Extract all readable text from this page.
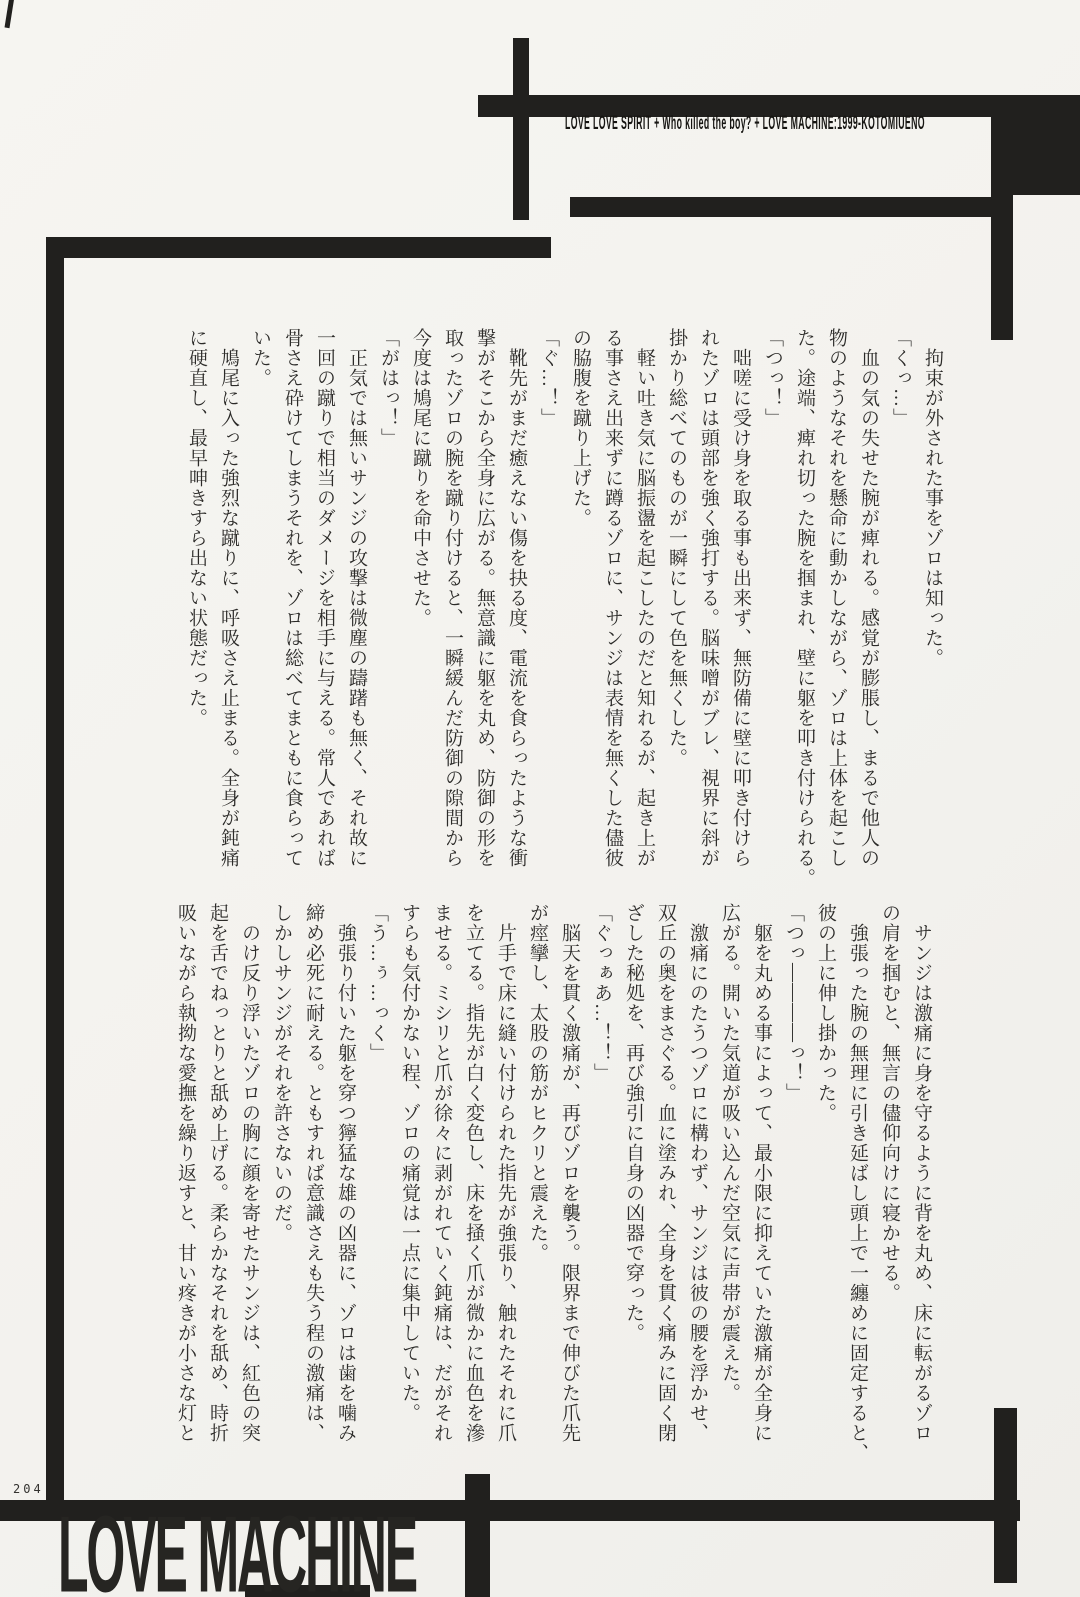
LOVE LOVE SPIRIT + Who killed the boy? + LOVE MACHINE:1999-KOTOMIUENO
　拘束が外された事をゾロは知った。
「くっ…」
　血の気の失せた腕が痺れる。感覚が膨脹し、まるで他人の
物のようなそれを懸命に動かしながら、ゾロは上体を起こし
た。途端、痺れ切った腕を掴まれ、壁に躯を叩き付けられる。
「つっ！」
　咄嗟に受け身を取る事も出来ず、無防備に壁に叩き付けら
れたゾロは頭部を強く強打する。脳味噌がブレ、視界に斜が
掛かり総べてのものが一瞬にして色を無くした。
　軽い吐き気に脳振盪を起こしたのだと知れるが、起き上が
る事さえ出来ずに蹲るゾロに、サンジは表情を無くした儘彼
の脇腹を蹴り上げた。
「ぐ…！」
　靴先がまだ癒えない傷を抉る度、電流を食らったような衝
撃がそこから全身に広がる。無意識に躯を丸め、防御の形を
取ったゾロの腕を蹴り付けると、一瞬緩んだ防御の隙間から
今度は鳩尾に蹴りを命中させた。
「がはっ！」
　正気では無いサンジの攻撃は微塵の躊躇も無く、それ故に
一回の蹴りで相当のダメージを相手に与える。常人であれば
骨さえ砕けてしまうそれを、ゾロは総べてまともに食らって
いた。
　鳩尾に入った強烈な蹴りに、呼吸さえ止まる。全身が鈍痛
に硬直し、最早呻きすら出ない状態だった。
　サンジは激痛に身を守るように背を丸め、床に転がるゾロ
の肩を掴むと、無言の儘仰向けに寝かせる。
　強張った腕の無理に引き延ばし頭上で一纏めに固定すると、
彼の上に伸し掛かった。
「つっ――――っ！」
　躯を丸める事によって、最小限に抑えていた激痛が全身に
広がる。開いた気道が吸い込んだ空気に声帯が震えた。
　激痛にのたうつゾロに構わず、サンジは彼の腰を浮かせ、
双丘の奥をまさぐる。血に塗みれ、全身を貫く痛みに固く閉
ざした秘処を、再び強引に自身の凶器で穿った。
「ぐっぁあ…！！」
　脳天を貫く激痛が、再びゾロを襲う。限界まで伸びた爪先
が痙攣し、太股の筋がヒクリと震えた。
　片手で床に縫い付けられた指先が強張り、触れたそれに爪
を立てる。指先が白く変色し、床を掻く爪が微かに血色を滲
ませる。ミシリと爪が徐々に剥がれていく鈍痛は、だがそれ
すらも気付かない程、ゾロの痛覚は一点に集中していた。
「う…ぅ…っく」
　強張り付いた躯を穿つ獰猛な雄の凶器に、ゾロは歯を噛み
締め必死に耐える。ともすれば意識さえも失う程の激痛は、
しかしサンジがそれを許さないのだ。
　のけ反り浮いたゾロの胸に顔を寄せたサンジは、紅色の突
起を舌でねっとりと舐め上げる。柔らかなそれを舐め、時折
吸いながら執拗な愛撫を繰り返すと、甘い疼きが小さな灯と
204
LOVE MACHINE
